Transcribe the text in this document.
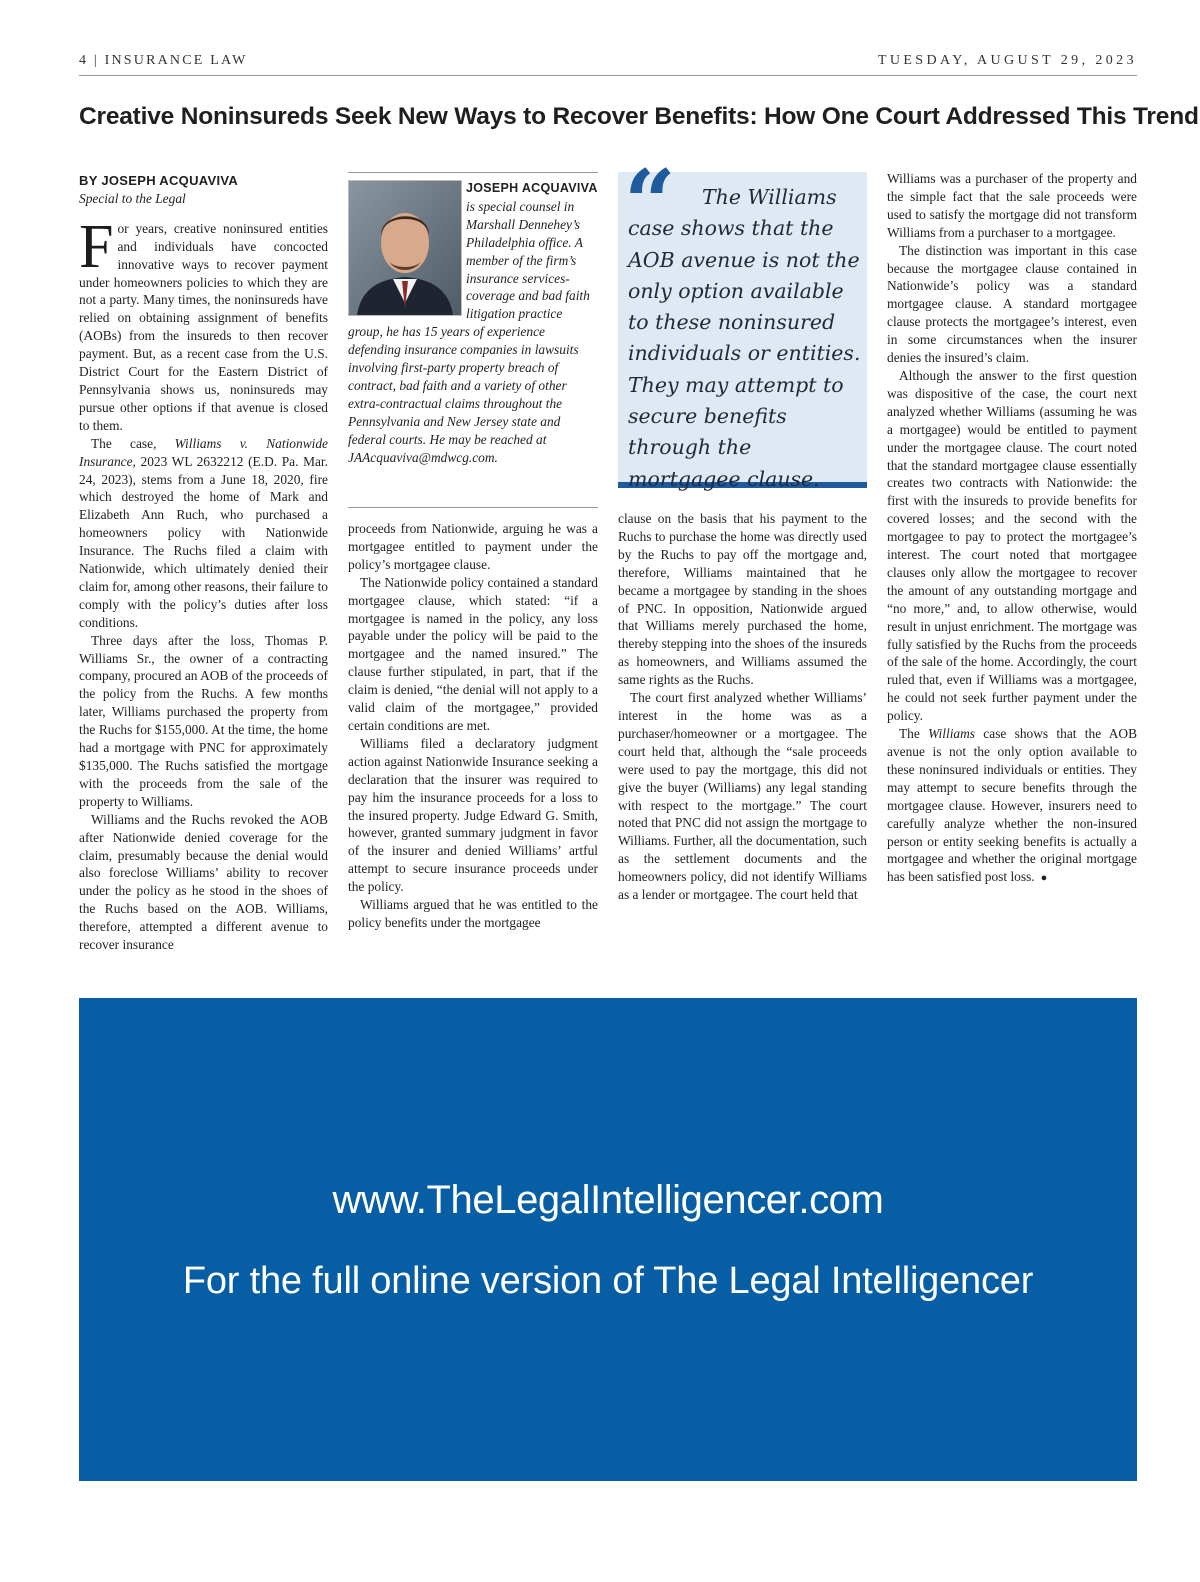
4 | INSURANCE LAW	TUESDAY, AUGUST 29, 2023
Creative Noninsureds Seek New Ways to Recover Benefits: How One Court Addressed This Trend
BY JOSEPH ACQUAVIVA
Special to the Legal

For years, creative noninsured entities and individuals have concocted innovative ways to recover payment under homeowners policies to which they are not a party. Many times, the noninsureds have relied on obtaining assignment of benefits (AOBs) from the insureds to then recover payment. But, as a recent case from the U.S. District Court for the Eastern District of Pennsylvania shows us, noninsureds may pursue other options if that avenue is closed to them.

The case, Williams v. Nationwide Insurance, 2023 WL 2632212 (E.D. Pa. Mar. 24, 2023), stems from a June 18, 2020, fire which destroyed the home of Mark and Elizabeth Ann Ruch, who purchased a homeowners policy with Nationwide Insurance. The Ruchs filed a claim with Nationwide, which ultimately denied their claim for, among other reasons, their failure to comply with the policy’s duties after loss conditions.

Three days after the loss, Thomas P. Williams Sr., the owner of a contracting company, procured an AOB of the proceeds of the policy from the Ruchs. A few months later, Williams purchased the property from the Ruchs for $155,000. At the time, the home had a mortgage with PNC for approximately $135,000. The Ruchs satisfied the mortgage with the proceeds from the sale of the property to Williams.

Williams and the Ruchs revoked the AOB after Nationwide denied coverage for the claim, presumably because the denial would also foreclose Williams’ ability to recover under the policy as he stood in the shoes of the Ruchs based on the AOB. Williams, therefore, attempted a different avenue to recover insurance

JOSEPH ACQUAVIVA is special counsel in Marshall Dennehey’s Philadelphia office. A member of the firm’s insurance services-coverage and bad faith litigation practice group, he has 15 years of experience defending insurance companies in lawsuits involving first-party property breach of contract, bad faith and a variety of other extra-contractual claims throughout the Pennsylvania and New Jersey state and federal courts. He may be reached at JAAcquaviva@mdwcg.com.
“	The Williams case shows that the AOB avenue is not the only option available to these noninsured individuals or entities. They may attempt to secure benefits through the mortgagee clause.

proceeds from Nationwide, arguing he was a mortgagee entitled to payment under the policy’s mortgagee clause.

The Nationwide policy contained a standard mortgagee clause, which stated: “if a mortgagee is named in the policy, any loss payable under the policy will be paid to the mortgagee and the named insured.” The clause further stipulated, in part, that if the claim is denied, “the denial will not apply to a valid claim of the mortgagee,” provided certain conditions are met.

Williams filed a declaratory judgment action against Nationwide Insurance seeking a declaration that the insurer was required to pay him the insurance proceeds for a loss to the insured property. Judge Edward G. Smith, however, granted summary judgment in favor of the insurer and denied Williams’ artful attempt to secure insurance proceeds under the policy.

Williams argued that he was entitled to the policy benefits under the mortgagee

clause on the basis that his payment to the Ruchs to purchase the home was directly used by the Ruchs to pay off the mortgage and, therefore, Williams maintained that he became a mortgagee by standing in the shoes of PNC. In opposition, Nationwide argued that Williams merely purchased the home, thereby stepping into the shoes of the insureds as homeowners, and Williams assumed the same rights as the Ruchs.

The court first analyzed whether Williams’ interest in the home was as a purchaser/homeowner or a mortgagee. The court held that, although the “sale proceeds were used to pay the mortgage, this did not give the buyer (Williams) any legal standing with respect to the mortgage.” The court noted that PNC did not assign the mortgage to Williams. Further, all the documentation, such as the settlement documents and the homeowners policy, did not identify Williams as a lender or mortgagee. The court held that

Williams was a purchaser of the property and the simple fact that the sale proceeds were used to satisfy the mortgage did not transform Williams from a purchaser to a mortgagee.

The distinction was important in this case because the mortgagee clause contained in Nationwide’s policy was a standard mortgagee clause. A standard mortgagee clause protects the mortgagee’s interest, even in some circumstances when the insurer denies the insured’s claim.

Although the answer to the first question was dispositive of the case, the court next analyzed whether Williams (assuming he was a mortgagee) would be entitled to payment under the mortgagee clause. The court noted that the standard mortgagee clause essentially creates two contracts with Nationwide: the first with the insureds to provide benefits for covered losses; and the second with the mortgagee to pay to protect the mortgagee’s interest. The court noted that mortgagee clauses only allow the mortgagee to recover the amount of any outstanding mortgage and “no more,” and, to allow otherwise, would result in unjust enrichment. The mortgage was fully satisfied by the Ruchs from the proceeds of the sale of the home. Accordingly, the court ruled that, even if Williams was a mortgagee, he could not seek further payment under the policy.

The Williams case shows that the AOB avenue is not the only option available to these noninsured individuals or entities. They may attempt to secure benefits through the mortgagee clause. However, insurers need to carefully analyze whether the non-insured person or entity seeking benefits is actually a mortgagee and whether the original mortgage has been satisfied post loss. ●

www.TheLegalIntelligencer.com
For the full online version of The Legal Intelligencer
